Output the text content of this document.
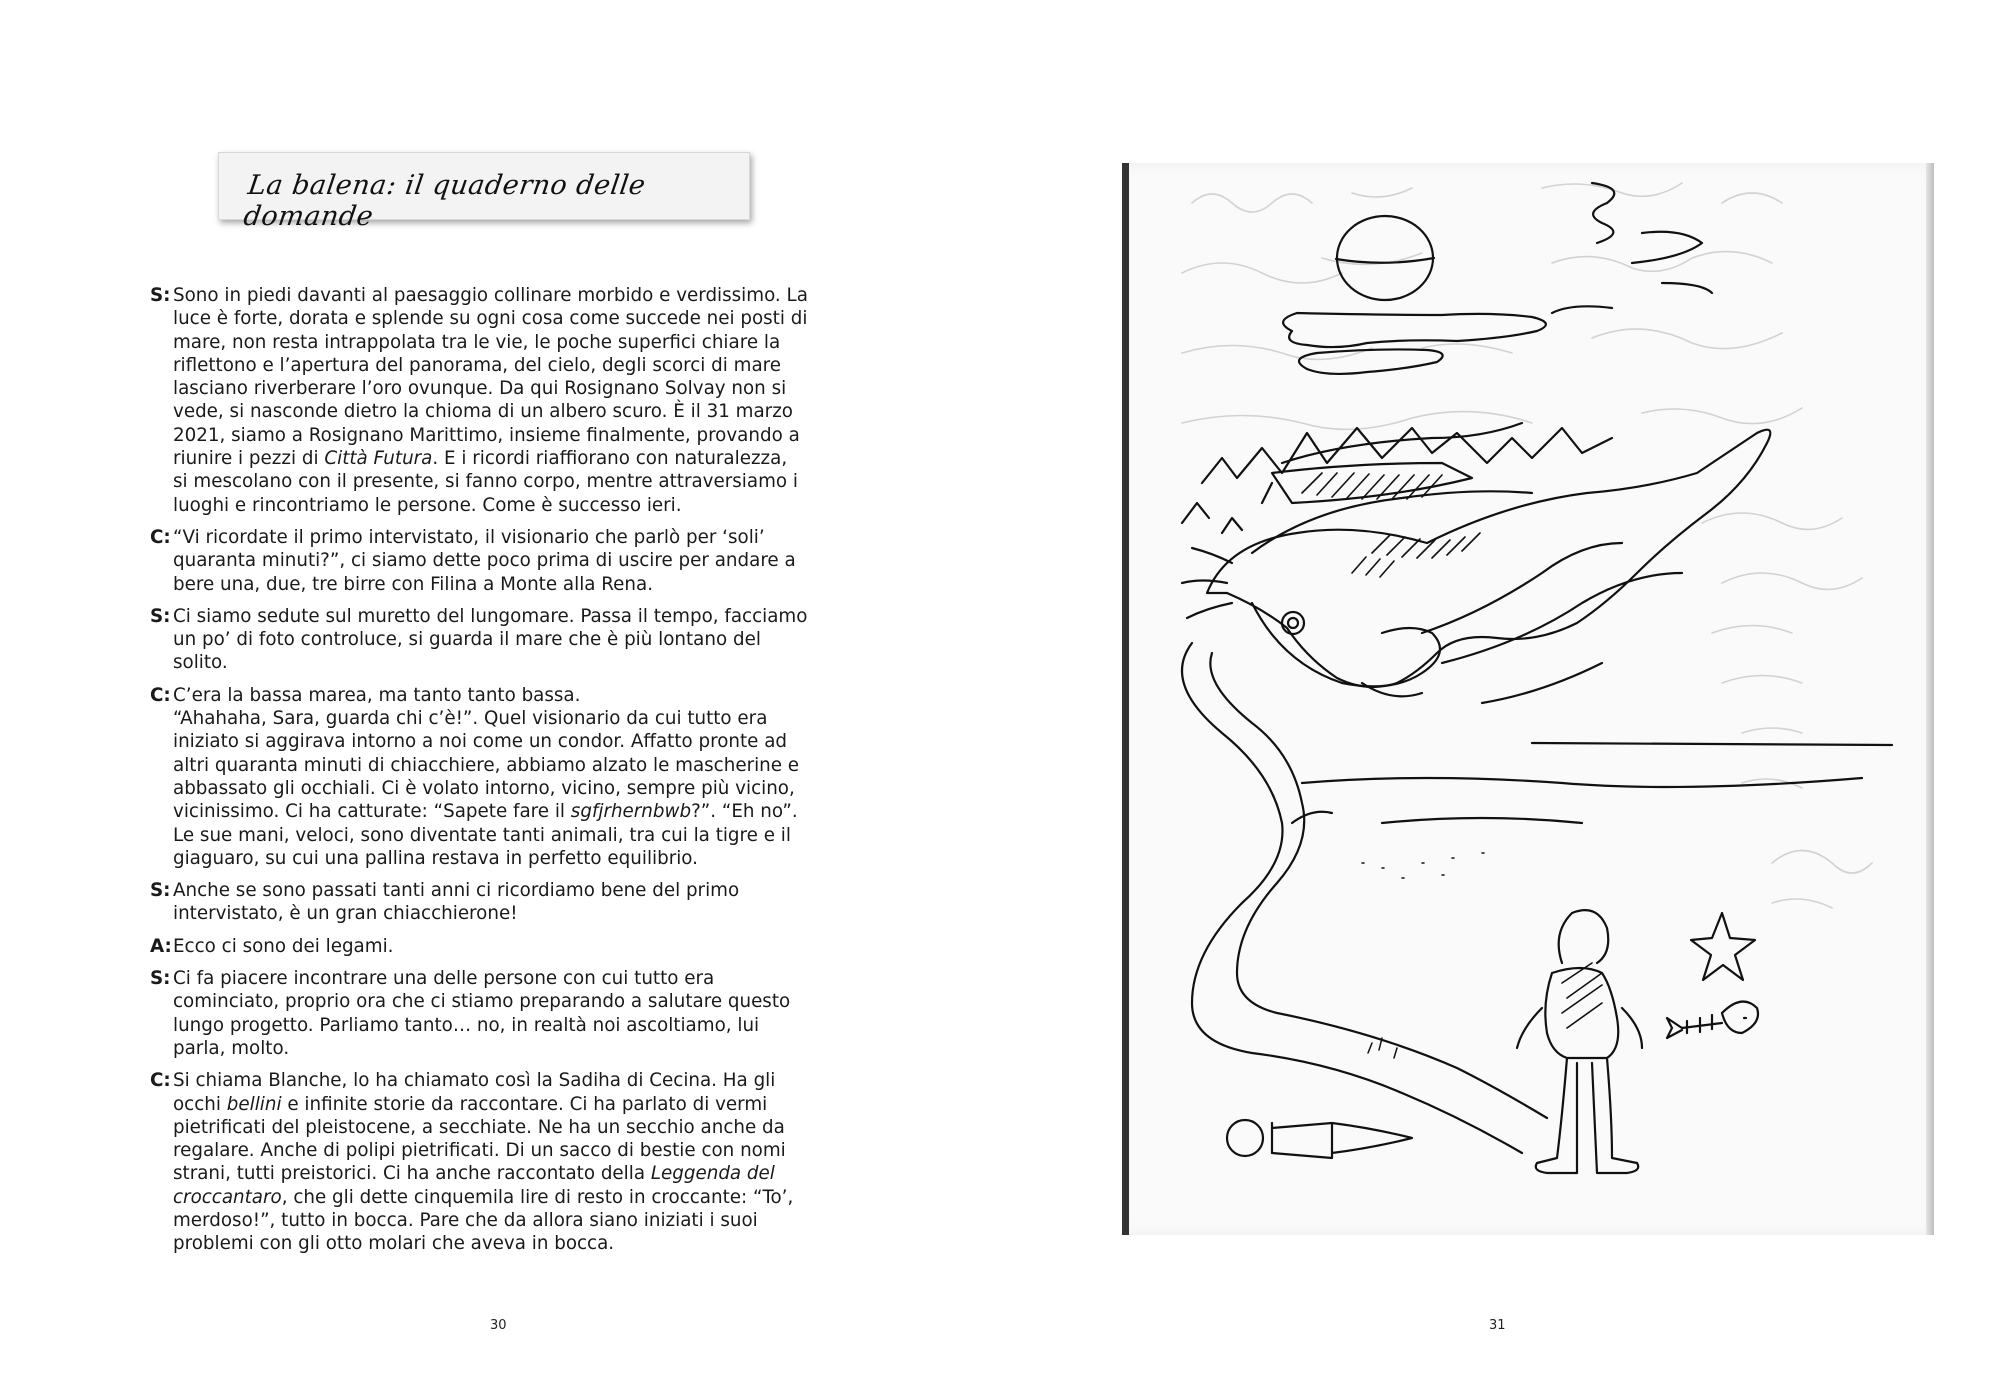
La balena: il quaderno delle domande
S: Sono in piedi davanti al paesaggio collinare morbido e verdissimo. La
luce è forte, dorata e splende su ogni cosa come succede nei posti di
mare, non resta intrappolata tra le vie, le poche superfici chiare la
riflettono e l’apertura del panorama, del cielo, degli scorci di mare
lasciano riverberare l’oro ovunque. Da qui Rosignano Solvay non si
vede, si nasconde dietro la chioma di un albero scuro. È il 31 marzo
2021, siamo a Rosignano Marittimo, insieme finalmente, provando a
riunire i pezzi di Città Futura. E i ricordi riaffiorano con naturalezza,
si mescolano con il presente, si fanno corpo, mentre attraversiamo i
luoghi e rincontriamo le persone. Come è successo ieri.
C: “Vi ricordate il primo intervistato, il visionario che parlò per ‘soli’
quaranta minuti?”, ci siamo dette poco prima di uscire per andare a
bere una, due, tre birre con Filina a Monte alla Rena.
S: Ci siamo sedute sul muretto del lungomare. Passa il tempo, facciamo
un po’ di foto controluce, si guarda il mare che è più lontano del
solito.
C: C’era la bassa marea, ma tanto tanto bassa.
“Ahahaha, Sara, guarda chi c’è!”. Quel visionario da cui tutto era
iniziato si aggirava intorno a noi come un condor. Affatto pronte ad
altri quaranta minuti di chiacchiere, abbiamo alzato le mascherine e
abbassato gli occhiali. Ci è volato intorno, vicino, sempre più vicino,
vicinissimo. Ci ha catturate: “Sapete fare il sgfjrhernbwb?”. “Eh no”.
Le sue mani, veloci, sono diventate tanti animali, tra cui la tigre e il
giaguaro, su cui una pallina restava in perfetto equilibrio.
S: Anche se sono passati tanti anni ci ricordiamo bene del primo
intervistato, è un gran chiacchierone!
A: Ecco ci sono dei legami.
S: Ci fa piacere incontrare una delle persone con cui tutto era
cominciato, proprio ora che ci stiamo preparando a salutare questo
lungo progetto. Parliamo tanto… no, in realtà noi ascoltiamo, lui
parla, molto.
C: Si chiama Blanche, lo ha chiamato così la Sadiha di Cecina. Ha gli
occhi bellini e infinite storie da raccontare. Ci ha parlato di vermi
pietrificati del pleistocene, a secchiate. Ne ha un secchio anche da
regalare. Anche di polipi pietrificati. Di un sacco di bestie con nomi
strani, tutti preistorici. Ci ha anche raccontato della Leggenda del
croccantaro, che gli dette cinquemila lire di resto in croccante: “To’,
merdoso!”, tutto in bocca. Pare che da allora siano iniziati i suoi
problemi con gli otto molari che aveva in bocca.
30	31
